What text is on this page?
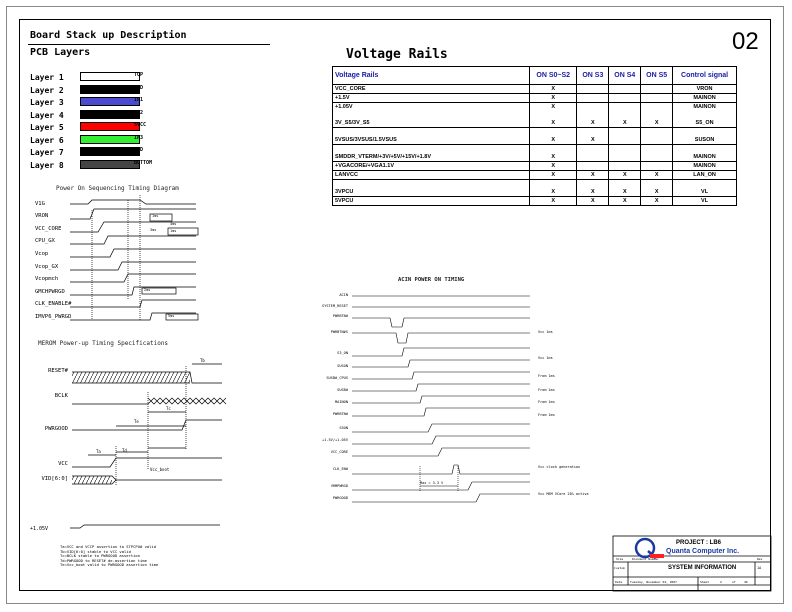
Board Stack up Description
PCB Layers	02
Voltage Rails
Layer 1	TOP
Layer 2	GND
Layer 3	IN1
Layer 4	IN2
Layer 5	SVCC
Layer 6	IN3
Layer 7	GND
Layer 8	BOTTOM
Voltage Rails	ON S0~S2	ON S3	ON S4	ON S5	Control signal
VCC_CORE	X				VRON
+1.5V	X				MAINON
+1.05V	X				MAINON

3V_S5/3V_S5	X	X	X	X	S5_ON

5VSUS/3VSUS/1.5VSUS	X	X			SUSON

SMDDR_VTERM/+3V/+5V/+15V/+1.8V	X				MAINON
+VGACORE/+VGA1.1V	X				MAINON
LANVCC	X	X	X	X	LAN_ON

3VPCU	X	X	X	X	VL
5VPCU	X	X	X	X	VL
Power On Sequencing Timing Diagram
V1G
VRON
VCC_CORE
CPU_GX
Vcop
Vcop_GX
Vcopmch
GMCHPWRGD
CLK_ENABLE#
IMVP6_PWRGD
1ms
4ms
3ms	1ms
2ms
5ms
MEROM Power-up Timing Specifications
RESET#
BCLK
PWRGOOD
VCC
VID[6:0]
Tb
Tc
Te
Ta	Td
Vcc_boot
+1.05V
Ta=VCC and VCCP assertion to STPCPU# valid
Tb=VID[6:0] stable to VCC valid
Tc=BCLK stable to PWRGOOD assertion
Td=PWRGOOD to RESET# de-assertion time
Te=Vcc_boot valid to PWRGOOD assertion time
ACIN POWER ON TIMING
ACIN
SYSTEM_RESET
PWRBTN#
PWRBTN#S
S3_ON
SUSON
SUSB#_CPUS
SUSB#
MAINON
PWRBTN#
S5ON
+1.5V/+1.05V
VCC_CORE
CLK_EN#
VRMPWRGD
PWRGOOD
Vcc 1ms
Vcc 1ms
From 1ms
From 1ms
From 1ms
From 1ms
Vcc clock generation
Vcc MEM VCore 20% active
Max = 3.3 V
PROJECT : LB6
Quanta Computer Inc.
Size	Document Number	Rev
Custom	SYSTEM INFORMATION	1A
Date	Tuesday, November 04, 2007	Sheet	2	of	46
